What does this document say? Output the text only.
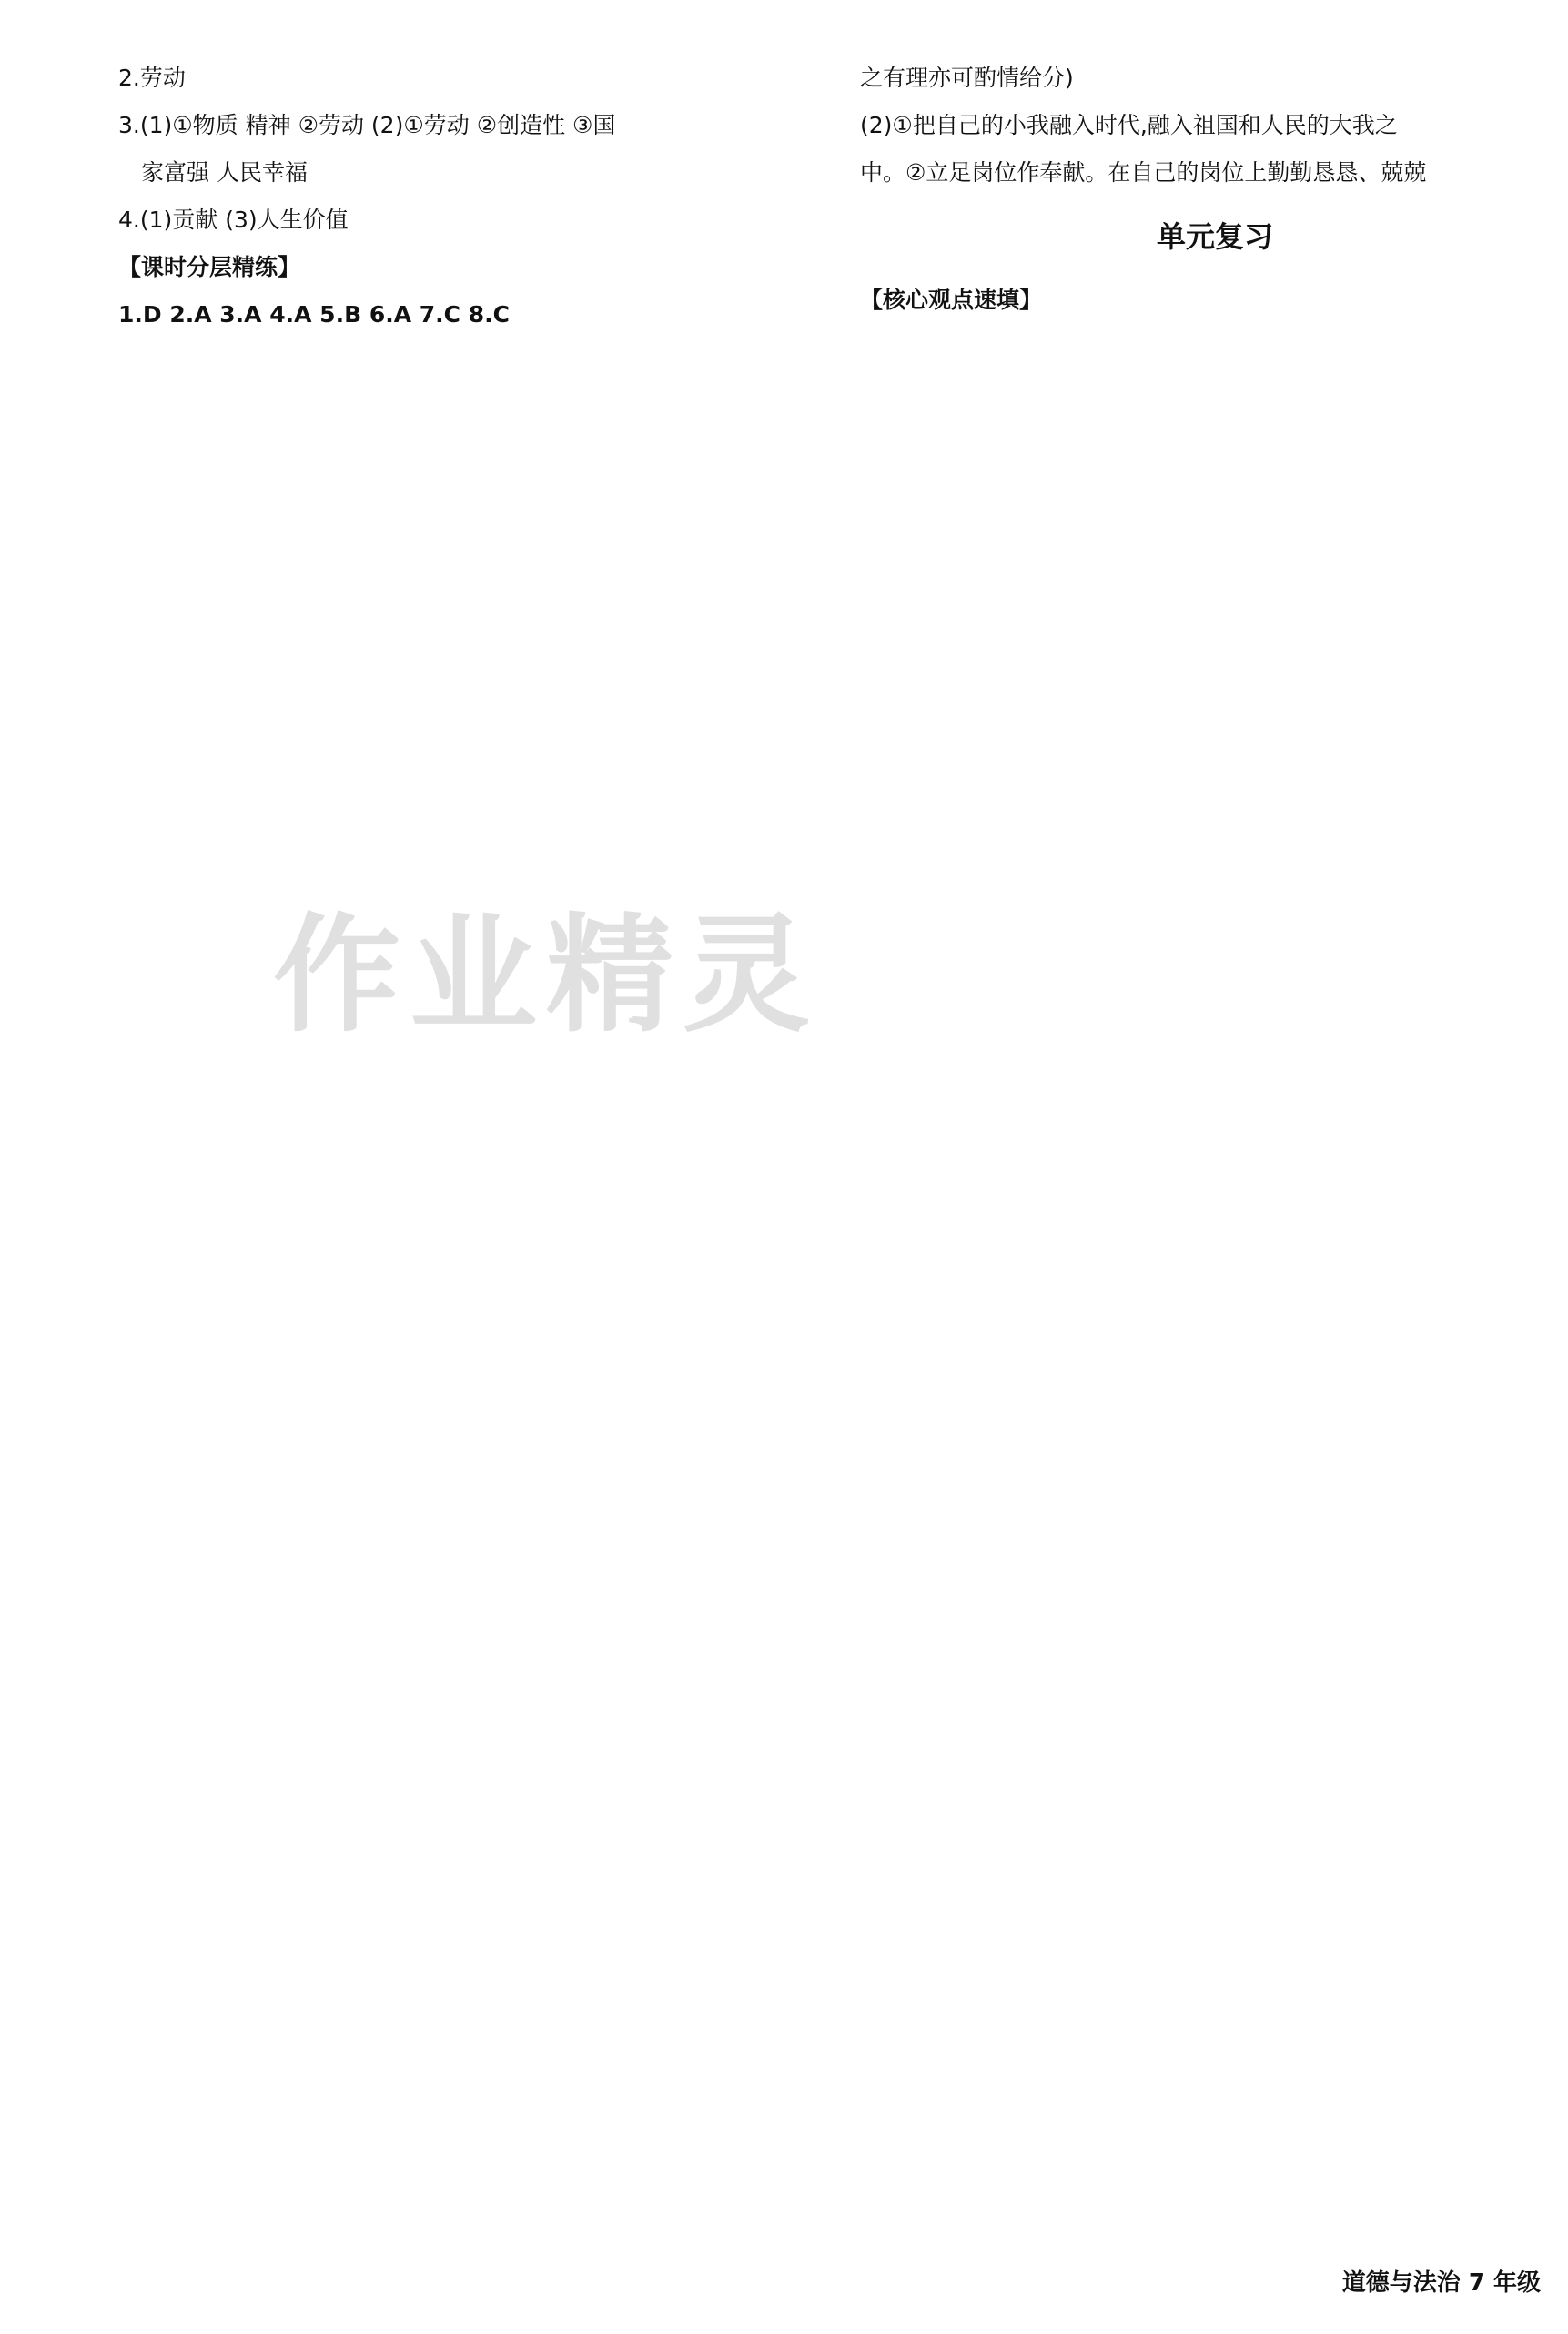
2.劳动
3.(1)①物质 精神 ②劳动 (2)①劳动 ②创造性 ③国
家富强 人民幸福
4.(1)贡献 (3)人生价值
【课时分层精练】
1.D 2.A 3.A 4.A 5.B 6.A 7.C 8.C
之有理亦可酌情给分)
(2)①把自己的小我融入时代,融入祖国和人民的大我之
中。②立足岗位作奉献。在自己的岗位上勤勤恳恳、兢兢
单元复习
【核心观点速填】
作业精灵
道德与法治 7 年级
